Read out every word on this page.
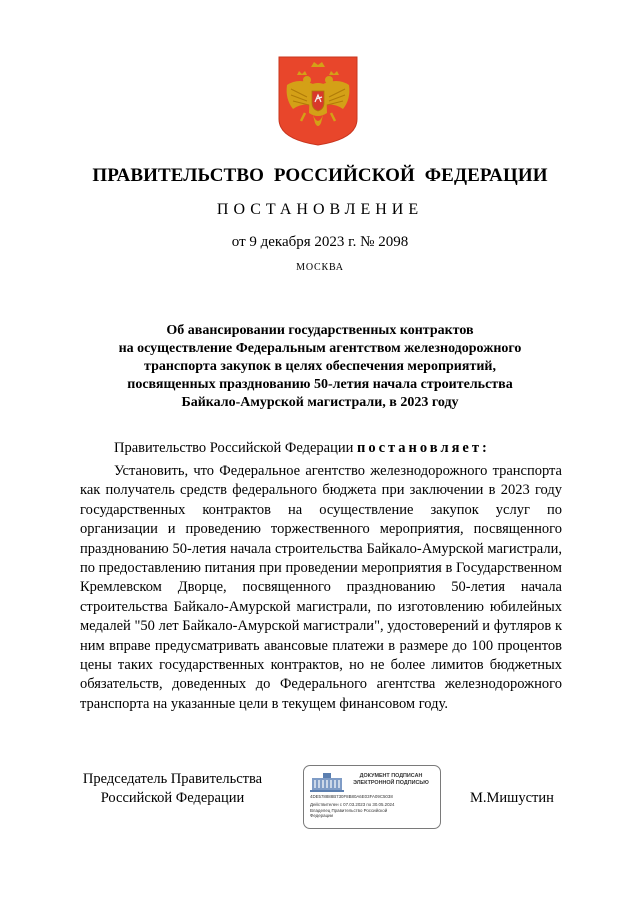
ПРАВИТЕЛЬСТВО РОССИЙСКОЙ ФЕДЕРАЦИИ
ПОСТАНОВЛЕНИЕ
от 9 декабря 2023 г. № 2098
МОСКВА
Об авансировании государственных контрактов
на осуществление Федеральным агентством железнодорожного
транспорта закупок в целях обеспечения мероприятий,
посвященных празднованию 50-летия начала строительства
Байкало-Амурской магистрали, в 2023 году
Правительство Российской Федерации постановляет:
Установить, что Федеральное агентство железнодорожного транспорта как получатель средств федерального бюджета при заключении в 2023 году государственных контрактов на осуществление закупок услуг по организации и проведению торжественного мероприятия, посвященного празднованию 50-летия начала строительства Байкало-Амурской магистрали, по предоставлению питания при проведении мероприятия в Государственном Кремлевском Дворце, посвященного празднованию 50-летия начала строительства Байкало-Амурской магистрали, по изготовлению юбилейных медалей "50 лет Байкало-Амурской магистрали", удостоверений и футляров к ним вправе предусматривать авансовые платежи в размере до 100 процентов цены таких государственных контрактов, но не более лимитов бюджетных обязательств, доведенных до Федерального агентства железнодорожного транспорта на указанные цели в текущем финансовом году.
Председатель Правительства
Российской Федерации
ДОКУМЕНТ ПОДПИСАН
ЭЛЕКТРОННОЙ ПОДПИСЬЮ
4DE578888B730F8B80A6E03FA09C5038
Действителен с 07.03.2023 по 30.05.2024
Владелец Правительство Российской
Федерации
М.Мишустин
